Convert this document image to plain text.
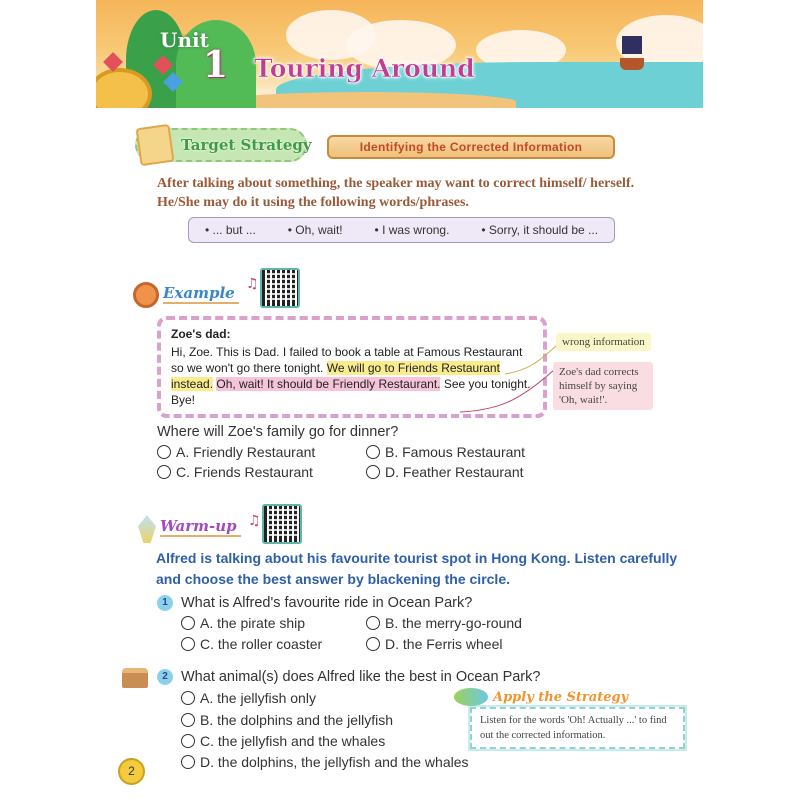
Unit
1 Touring Around
Target Strategy	Identifying the Corrected Information
After talking about something, the speaker may want to correct himself/ herself. He/She may do it using the following words/phrases.
• ... but ...	• Oh, wait!	• I was wrong.	• Sorry, it should be ...
Example ♫
Zoe's dad:
Hi, Zoe. This is Dad. I failed to book a table at Famous Restaurant so we won't go there tonight. We will go to Friends Restaurant instead. Oh, wait! It should be Friendly Restaurant. See you tonight. Bye!
wrong information
Zoe's dad corrects himself by saying 'Oh, wait!'.
Where will Zoe's family go for dinner?
A. Friendly Restaurant	B. Famous Restaurant
C. Friends Restaurant	D. Feather Restaurant
Warm-up ♫
Alfred is talking about his favourite tourist spot in Hong Kong. Listen carefully and choose the best answer by blackening the circle.
1 What is Alfred's favourite ride in Ocean Park?
A. the pirate ship	B. the merry-go-round
C. the roller coaster	D. the Ferris wheel
2 What animal(s) does Alfred like the best in Ocean Park?
A. the jellyfish only
B. the dolphins and the jellyfish
C. the jellyfish and the whales
D. the dolphins, the jellyfish and the whales
Listen for the words 'Oh! Actually ...' to find out the corrected information.
Apply the Strategy
2
